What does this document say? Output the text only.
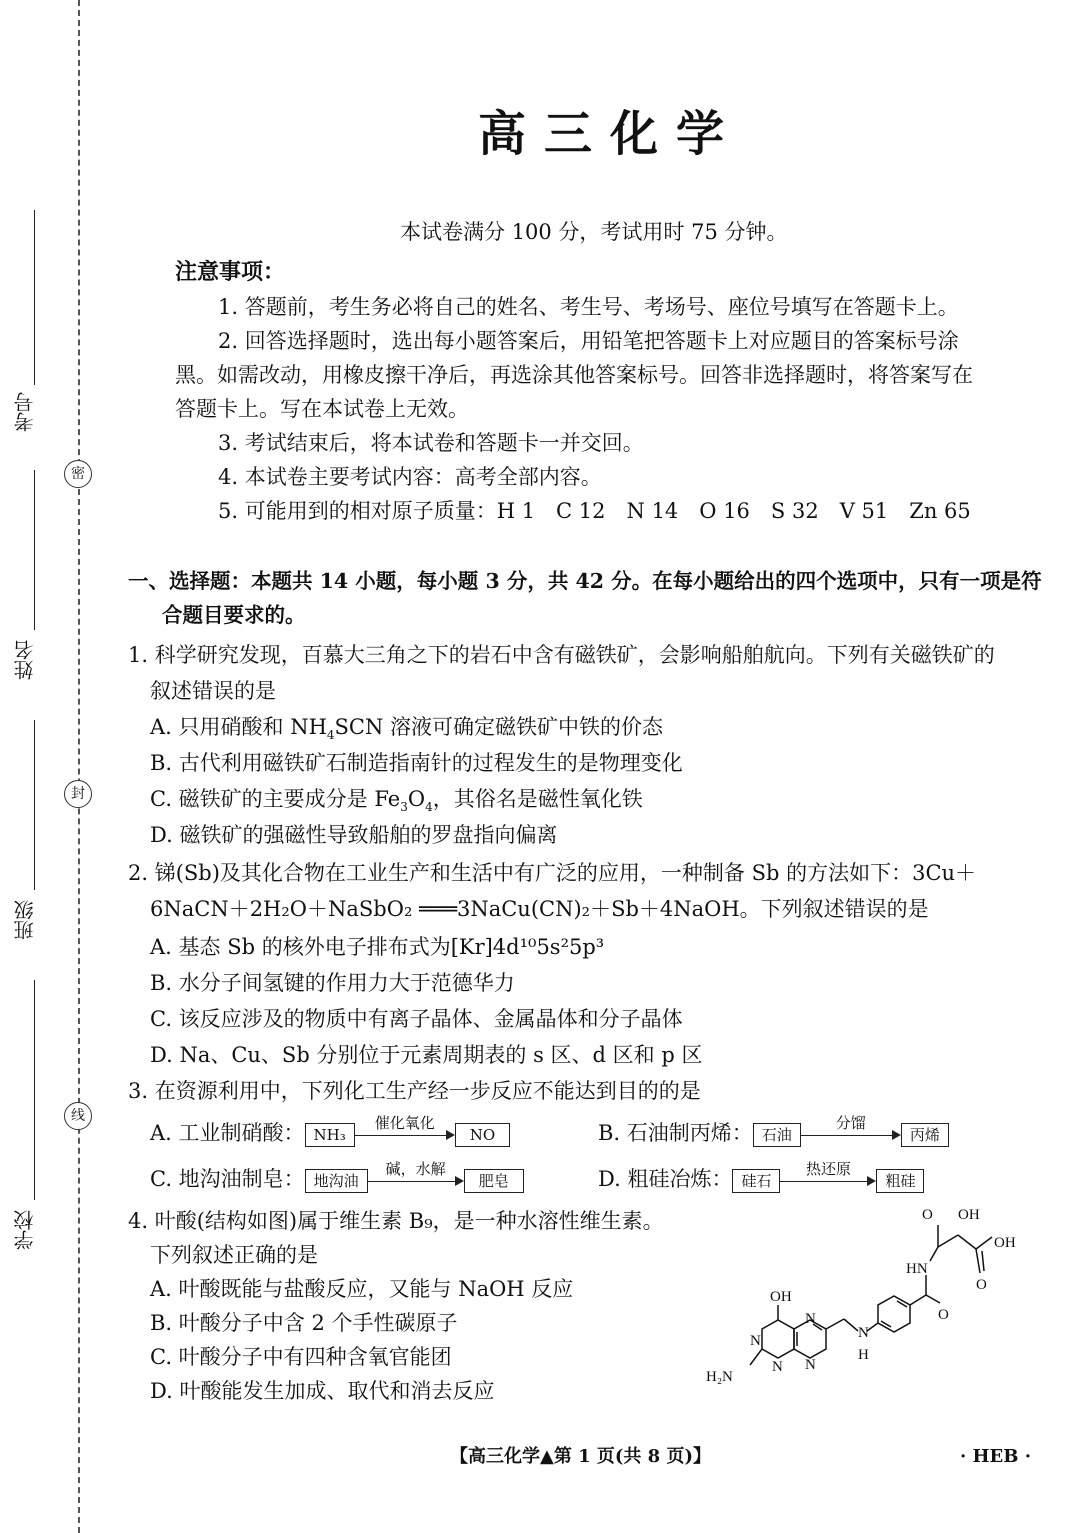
密
封
线
考号
姓名
班级
学校
高三化学
本试卷满分 100 分，考试用时 75 分钟。
注意事项：
1. 答题前，考生务必将自己的姓名、考生号、考场号、座位号填写在答题卡上。
2. 回答选择题时，选出每小题答案后，用铅笔把答题卡上对应题目的答案标号涂
黑。如需改动，用橡皮擦干净后，再选涂其他答案标号。回答非选择题时，将答案写在
答题卡上。写在本试卷上无效。
3. 考试结束后，将本试卷和答题卡一并交回。
4. 本试卷主要考试内容：高考全部内容。
5. 可能用到的相对原子质量：H 1　C 12　N 14　O 16　S 32　V 51　Zn 65
一、选择题：本题共 14 小题，每小题 3 分，共 42 分。在每小题给出的四个选项中，只有一项是符
合题目要求的。
1. 科学研究发现，百慕大三角之下的岩石中含有磁铁矿，会影响船舶航向。下列有关磁铁矿的
叙述错误的是
A. 只用硝酸和 $NH_4SCN$ 溶液可确定磁铁矿中铁的价态
B. 古代利用磁铁矿石制造指南针的过程发生的是物理变化
C. 磁铁矿的主要成分是 $Fe_3O_4$，其俗名是磁性氧化铁
D. 磁铁矿的强磁性导致船舶的罗盘指向偏离
2. 锑(Sb)及其化合物在工业生产和生活中有广泛的应用，一种制备 Sb 的方法如下：3Cu＋
6NaCN＋2H₂O＋NaSbO₂ ═══3NaCu(CN)₂＋Sb＋4NaOH。下列叙述错误的是
A. 基态 Sb 的核外电子排布式为[Kr]4d¹⁰5s²5p³
B. 水分子间氢键的作用力大于范德华力
C. 该反应涉及的物质中有离子晶体、金属晶体和分子晶体
D. Na、Cu、Sb 分别位于元素周期表的 s 区、d 区和 p 区
3. 在资源利用中，下列化工生产经一步反应不能达到目的的是
A. 工业制硝酸： NH₃
催化氧化
NO	B. 石油制丙烯： 石油
分馏
丙烯
C. 地沟油制皂： 地沟油
碱，水解
肥皂	D. 粗硅冶炼： 硅石
热还原
粗硅
4. 叶酸(结构如图)属于维生素 B₉，是一种水溶性维生素。
下列叙述正确的是
A. 叶酸既能与盐酸反应，又能与 NaOH 反应
B. 叶酸分子中含 2 个手性碳原子
C. 叶酸分子中有四种含氧官能团
D. 叶酸能发生加成、取代和消去反应
O OH
OH
HN
O
O
OH
N
N
N
N
N
H
H₂N
【高三化学▲第 1 页(共 8 页)】	· HEB ·
